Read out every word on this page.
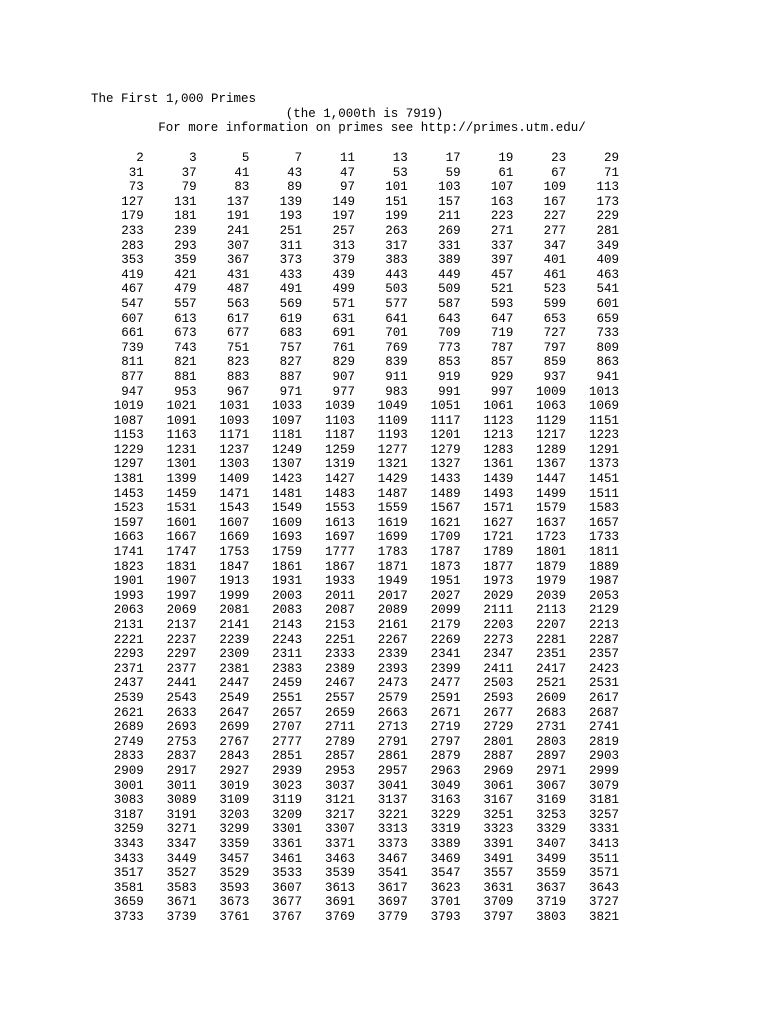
The First 1,000 Primes
(the 1,000th is 7919)
For more information on primes see http://primes.utm.edu/
2	3	5	7	11	13	17	19	23	29
31	37	41	43	47	53	59	61	67	71
73	79	83	89	97	101	103	107	109	113
127	131	137	139	149	151	157	163	167	173
179	181	191	193	197	199	211	223	227	229
233	239	241	251	257	263	269	271	277	281
283	293	307	311	313	317	331	337	347	349
353	359	367	373	379	383	389	397	401	409
419	421	431	433	439	443	449	457	461	463
467	479	487	491	499	503	509	521	523	541
547	557	563	569	571	577	587	593	599	601
607	613	617	619	631	641	643	647	653	659
661	673	677	683	691	701	709	719	727	733
739	743	751	757	761	769	773	787	797	809
811	821	823	827	829	839	853	857	859	863
877	881	883	887	907	911	919	929	937	941
947	953	967	971	977	983	991	997	1009	1013
1019	1021	1031	1033	1039	1049	1051	1061	1063	1069
1087	1091	1093	1097	1103	1109	1117	1123	1129	1151
1153	1163	1171	1181	1187	1193	1201	1213	1217	1223
1229	1231	1237	1249	1259	1277	1279	1283	1289	1291
1297	1301	1303	1307	1319	1321	1327	1361	1367	1373
1381	1399	1409	1423	1427	1429	1433	1439	1447	1451
1453	1459	1471	1481	1483	1487	1489	1493	1499	1511
1523	1531	1543	1549	1553	1559	1567	1571	1579	1583
1597	1601	1607	1609	1613	1619	1621	1627	1637	1657
1663	1667	1669	1693	1697	1699	1709	1721	1723	1733
1741	1747	1753	1759	1777	1783	1787	1789	1801	1811
1823	1831	1847	1861	1867	1871	1873	1877	1879	1889
1901	1907	1913	1931	1933	1949	1951	1973	1979	1987
1993	1997	1999	2003	2011	2017	2027	2029	2039	2053
2063	2069	2081	2083	2087	2089	2099	2111	2113	2129
2131	2137	2141	2143	2153	2161	2179	2203	2207	2213
2221	2237	2239	2243	2251	2267	2269	2273	2281	2287
2293	2297	2309	2311	2333	2339	2341	2347	2351	2357
2371	2377	2381	2383	2389	2393	2399	2411	2417	2423
2437	2441	2447	2459	2467	2473	2477	2503	2521	2531
2539	2543	2549	2551	2557	2579	2591	2593	2609	2617
2621	2633	2647	2657	2659	2663	2671	2677	2683	2687
2689	2693	2699	2707	2711	2713	2719	2729	2731	2741
2749	2753	2767	2777	2789	2791	2797	2801	2803	2819
2833	2837	2843	2851	2857	2861	2879	2887	2897	2903
2909	2917	2927	2939	2953	2957	2963	2969	2971	2999
3001	3011	3019	3023	3037	3041	3049	3061	3067	3079
3083	3089	3109	3119	3121	3137	3163	3167	3169	3181
3187	3191	3203	3209	3217	3221	3229	3251	3253	3257
3259	3271	3299	3301	3307	3313	3319	3323	3329	3331
3343	3347	3359	3361	3371	3373	3389	3391	3407	3413
3433	3449	3457	3461	3463	3467	3469	3491	3499	3511
3517	3527	3529	3533	3539	3541	3547	3557	3559	3571
3581	3583	3593	3607	3613	3617	3623	3631	3637	3643
3659	3671	3673	3677	3691	3697	3701	3709	3719	3727
3733	3739	3761	3767	3769	3779	3793	3797	3803	3821
